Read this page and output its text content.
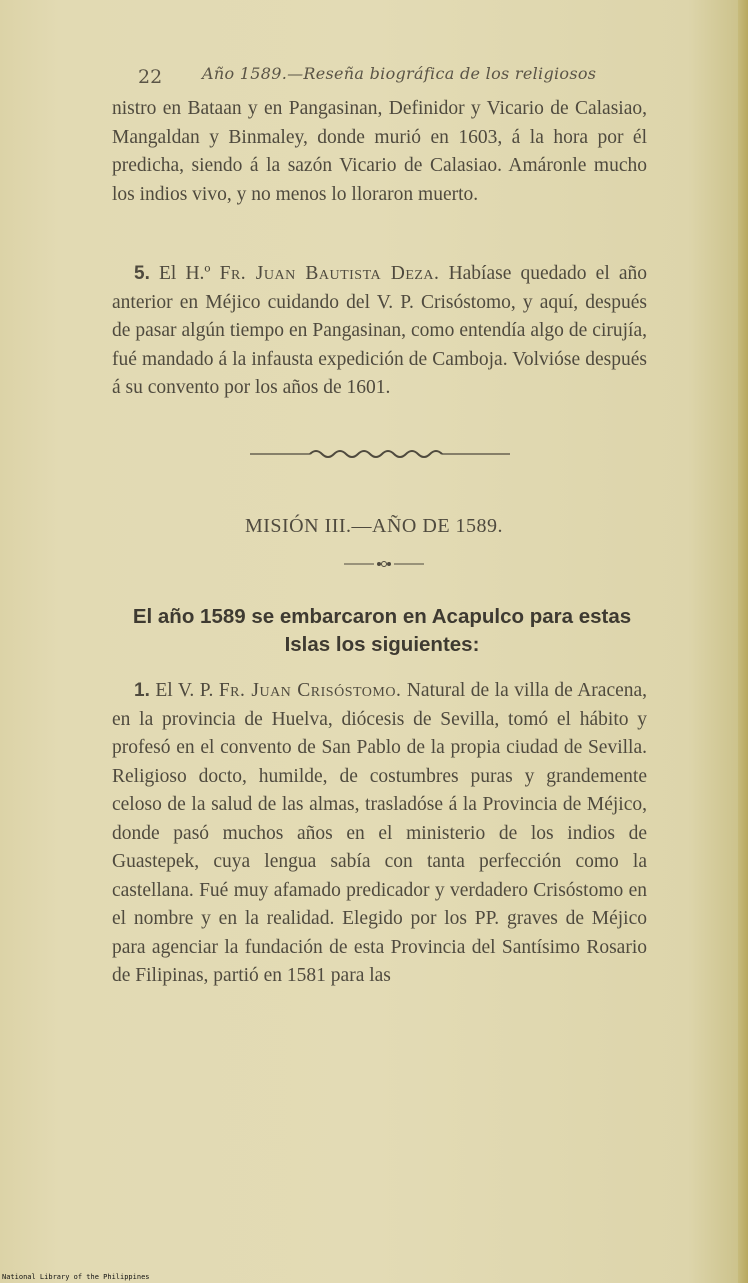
22 Año 1589.—Reseña biográfica de los religiosos

nistro en Bataan y en Pangasinan, Definidor y Vicario de Calasiao, Mangaldan y Binmaley, donde murió en 1603, á la hora por él predicha, siendo á la sazón Vicario de Calasiao. Amáronle mucho los indios vivo, y no menos lo lloraron muerto.

5. El H.º Fr. Juan Bautista Deza. Habíase quedado el año anterior en Méjico cuidando del V. P. Crisóstomo, y aquí, después de pasar algún tiempo en Pangasinan, como entendía algo de cirujía, fué mandado á la infausta expedición de Camboja. Volvióse después á su convento por los años de 1601.

MISIÓN III.—AÑO DE 1589.
El año 1589 se embarcaron en Acapulco para estas Islas los siguientes:

1. El V. P. Fr. Juan Crisóstomo. Natural de la villa de Aracena, en la provincia de Huelva, diócesis de Sevilla, tomó el hábito y profesó en el convento de San Pablo de la propia ciudad de Sevilla. Religioso docto, humilde, de costumbres puras y grandemente celoso de la salud de las almas, trasladóse á la Provincia de Méjico, donde pasó muchos años en el ministerio de los indios de Guastepek, cuya lengua sabía con tanta perfección como la castellana. Fué muy afamado predicador y verdadero Crisóstomo en el nombre y en la realidad. Elegido por los PP. graves de Méjico para agenciar la fundación de esta Provincia del Santísimo Rosario de Filipinas, partió en 1581 para las

National Library of the Philippines
